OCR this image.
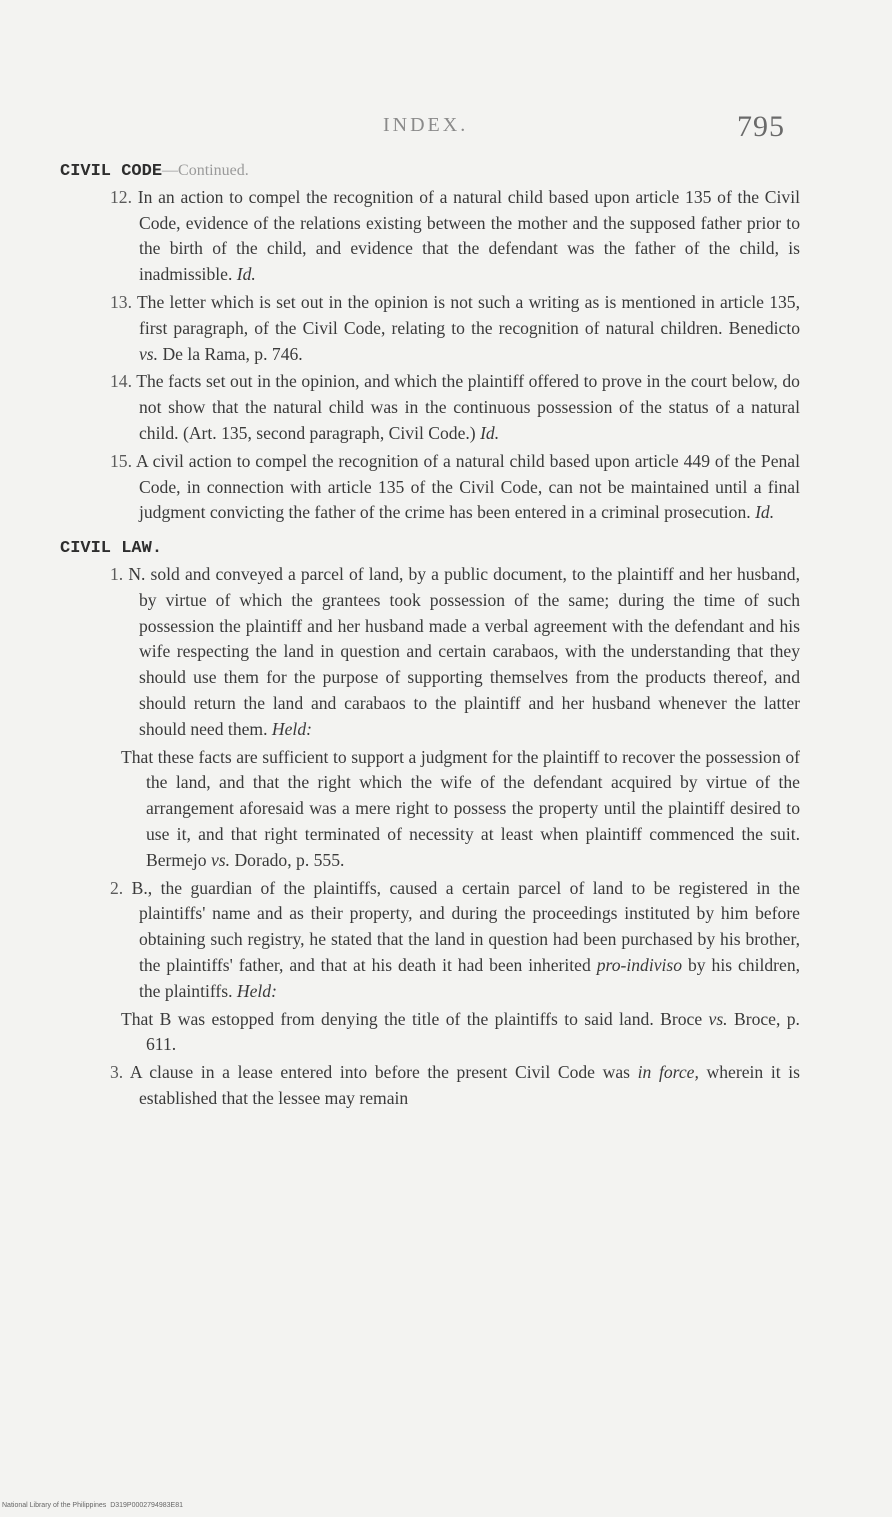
INDEX.	795

CIVIL CODE—Continued.

12. In an action to compel the recognition of a natural child based upon article 135 of the Civil Code, evidence of the relations existing between the mother and the supposed father prior to the birth of the child, and evidence that the defendant was the father of the child, is inadmissible. Id.

13. The letter which is set out in the opinion is not such a writing as is mentioned in article 135, first paragraph, of the Civil Code, relating to the recognition of natural children. Benedicto vs. De la Rama, p. 746.

14. The facts set out in the opinion, and which the plaintiff offered to prove in the court below, do not show that the natural child was in the continuous possession of the status of a natural child. (Art. 135, second paragraph, Civil Code.) Id.

15. A civil action to compel the recognition of a natural child based upon article 449 of the Penal Code, in connection with article 135 of the Civil Code, can not be maintained until a final judgment convicting the father of the crime has been entered in a criminal prosecution. Id.

CIVIL LAW.

1. N. sold and conveyed a parcel of land, by a public document, to the plaintiff and her husband, by virtue of which the grantees took possession of the same; during the time of such possession the plaintiff and her husband made a verbal agreement with the defendant and his wife respecting the land in question and certain carabaos, with the understanding that they should use them for the purpose of supporting themselves from the products thereof, and should return the land and carabaos to the plaintiff and her husband whenever the latter should need them. Held:

That these facts are sufficient to support a judgment for the plaintiff to recover the possession of the land, and that the right which the wife of the defendant acquired by virtue of the arrangement aforesaid was a mere right to possess the property until the plaintiff desired to use it, and that right terminated of necessity at least when plaintiff commenced the suit. Bermejo vs. Dorado, p. 555.

2. B., the guardian of the plaintiffs, caused a certain parcel of land to be registered in the plaintiffs' name and as their property, and during the proceedings instituted by him before obtaining such registry, he stated that the land in question had been purchased by his brother, the plaintiffs' father, and that at his death it had been inherited pro-indiviso by his children, the plaintiffs. Held:

That B was estopped from denying the title of the plaintiffs to said land. Broce vs. Broce, p. 611.

3. A clause in a lease entered into before the present Civil Code was in force, wherein it is established that the lessee may remain

National Library of the Philippines D319P0002794983E81
